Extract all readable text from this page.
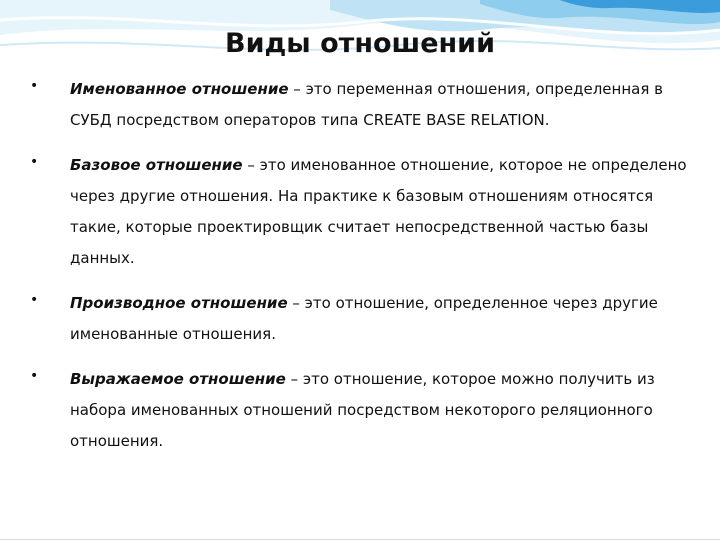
Виды отношений
• Именованное отношение – это переменная отношения, определенная в СУБД посредством операторов типа CREATE BASE RELATION.

• Базовое отношение – это именованное отношение, которое не определено через другие отношения. На практике к базовым отношениям относятся такие, которые проектировщик считает непосредственной частью базы данных.

• Производное отношение – это отношение, определенное через другие именованные отношения.

• Выражаемое отношение – это отношение, которое можно получить из набора именованных отношений посредством некоторого реляционного отношения.
